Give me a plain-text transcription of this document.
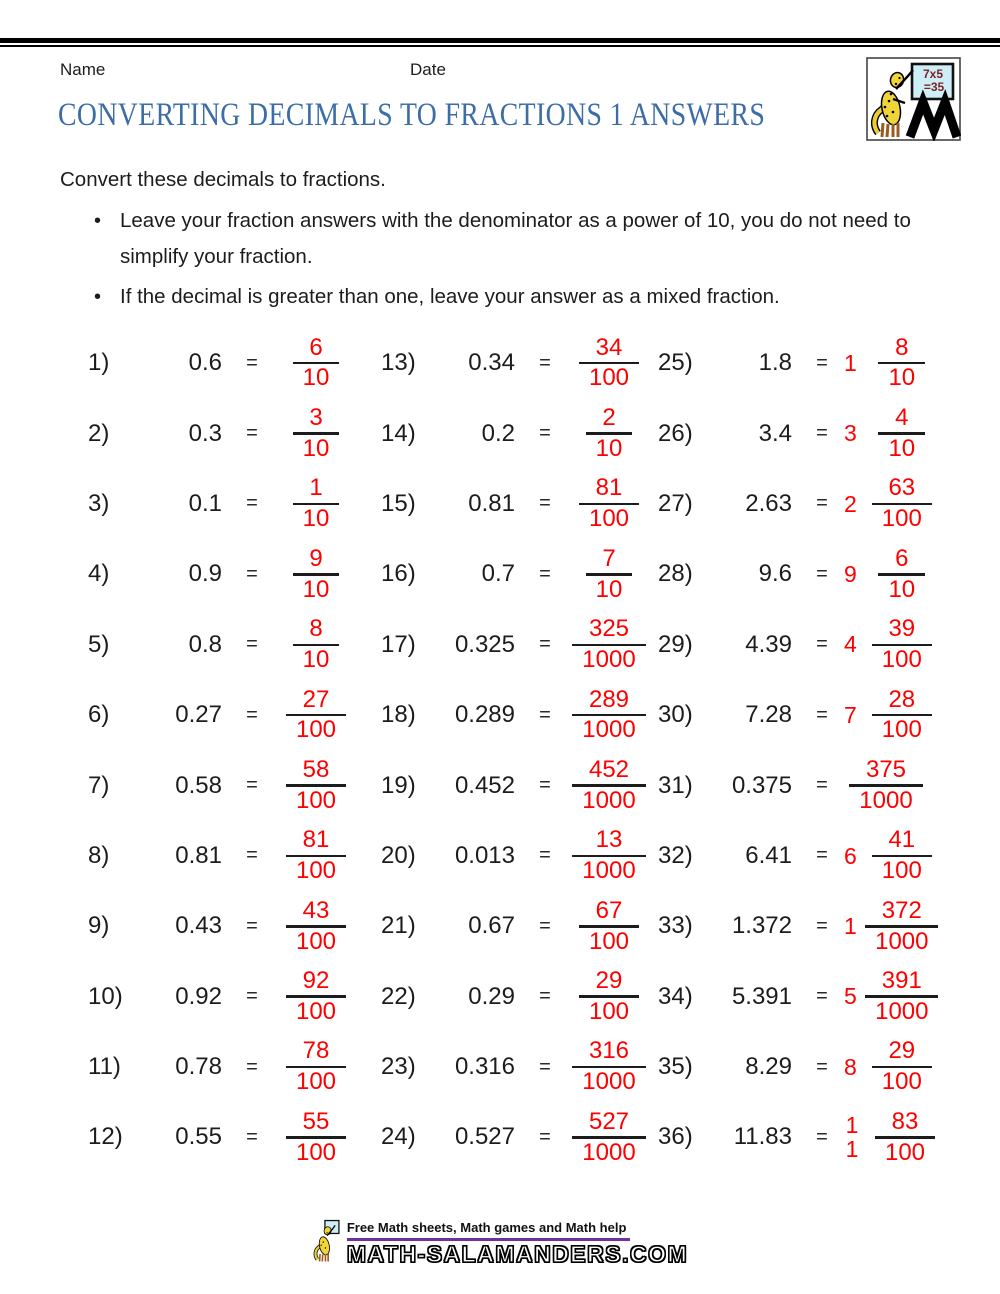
Name	Date	7x5
=35
CONVERTING DECIMALS TO FRACTIONS 1 ANSWERS

Convert these decimals to fractions.

• Leave your fraction answers with the denominator as a power of 10, you do not need to simplify your fraction.
• If the decimal is greater than one, leave your answer as a mixed fraction.
1)	0.6	=	$\frac{6}{10}$
2)	0.3	=	$\frac{3}{10}$
3)	0.1	=	$\frac{1}{10}$
4)	0.9	=	$\frac{9}{10}$
5)	0.8	=	$\frac{8}{10}$
6)	0.27	=	$\frac{27}{100}$
7)	0.58	=	$\frac{58}{100}$
8)	0.81	=	$\frac{81}{100}$
9)	0.43	=	$\frac{43}{100}$
10)	0.92	=	$\frac{92}{100}$
11)	0.78	=	$\frac{78}{100}$
12)	0.55	=	$\frac{55}{100}$
13)	0.34	=	$\frac{34}{100}$
14)	0.2	=	$\frac{2}{10}$
15)	0.81	=	$\frac{81}{100}$
16)	0.7	=	$\frac{7}{10}$
17)	0.325	= $\frac{325}{1000}$
18)	0.289	= $\frac{289}{1000}$
19)	0.452	= $\frac{452}{1000}$
20)	0.013	= $\frac{13}{1000}$
21)	0.67	=	$\frac{67}{100}$
22)	0.29	=	$\frac{29}{100}$
23)	0.316	= $\frac{316}{1000}$
24)	0.527	= $\frac{527}{1000}$
25)	1.8	= $1 \frac{8}{10}$
26)	3.4	= $3 \frac{4}{10}$
27)	2.63	= $2 \frac{63}{100}$
28)	9.6	= $9 \frac{6}{10}$
29)	4.39	= $4 \frac{39}{100}$
30)	7.28	= $7 \frac{28}{100}$
31)	0.375	= $\frac{375}{1000}$
32)	6.41	= $6 \frac{41}{100}$
33)	1.372	= $1 \frac{372}{1000}$
34)	5.391	= $5 \frac{391}{1000}$
35)	8.29	= $8 \frac{29}{100}$
36)	11.83	= $11 \frac{83}{100}$
Free Math sheets, Math games and Math help
MATH-SALAMANDERS.COM
